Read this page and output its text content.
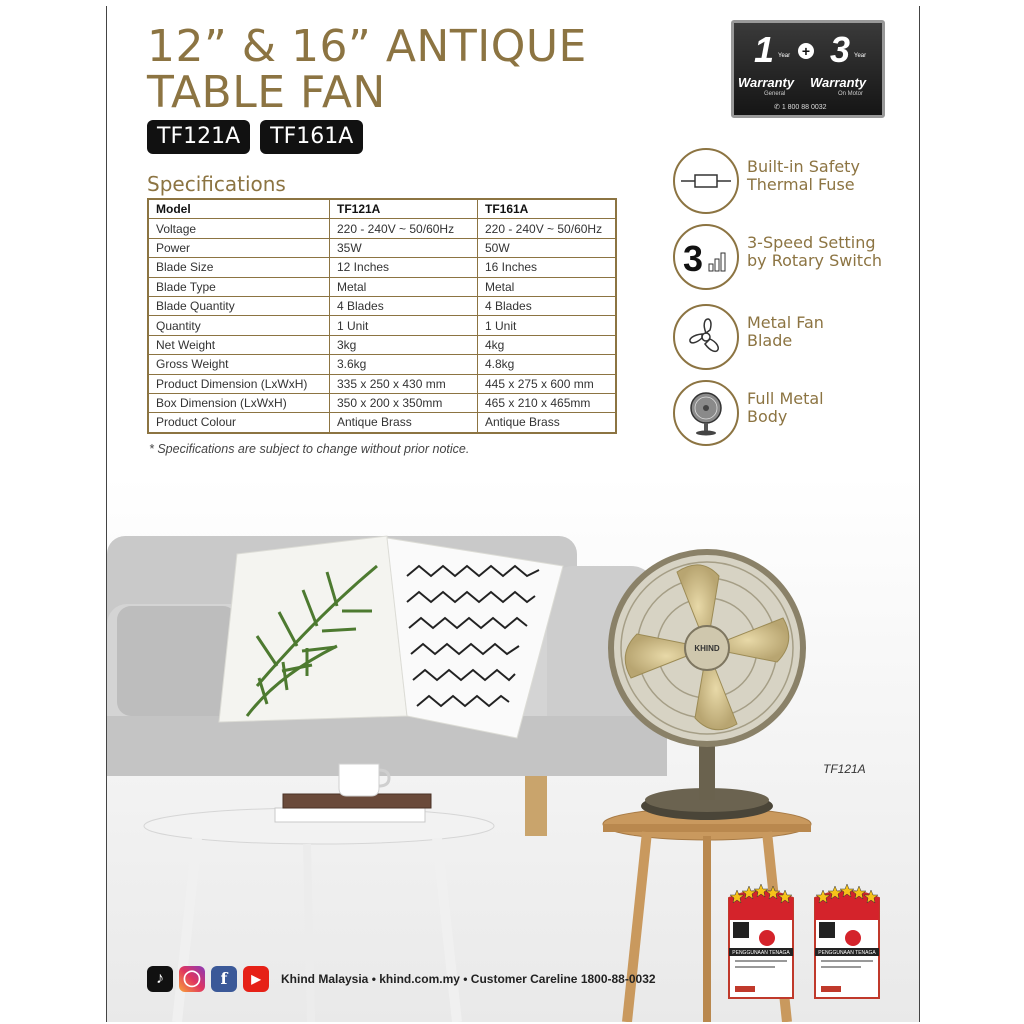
12” & 16” ANTIQUE
TABLE FAN
TF121A	TF161A
1 Year + 3 Year
Warranty Warranty
General	On Motor
✆ 1 800 88 0032
Specifications
Model	TF121A	TF161A
Voltage	220 - 240V ~ 50/60Hz	220 - 240V ~ 50/60Hz
Power	35W	50W
Blade Size	12 Inches	16 Inches
Blade Type	Metal	Metal
Blade Quantity	4 Blades	4 Blades
Quantity	1 Unit	1 Unit
Net Weight	3kg	4kg
Gross Weight	3.6kg	4.8kg
Product Dimension (LxWxH)	335 x 250 x 430 mm	445 x 275 x 600 mm
Box Dimension (LxWxH)	350 x 200 x 350mm	465 x 210 x 465mm
Product Colour	Antique Brass	Antique Brass
* Specifications are subject to change without prior notice.
Built-in Safety
Thermal Fuse
3	3-Speed Setting
by Rotary Switch
Metal Fan
Blade
Full Metal
Body
KHIND
TF121A
PENGGUNAAN TENAGA	PENGGUNAAN TENAGA
♪	◯	f	▶	Khind Malaysia • khind.com.my • Customer Careline 1800-88-0032
